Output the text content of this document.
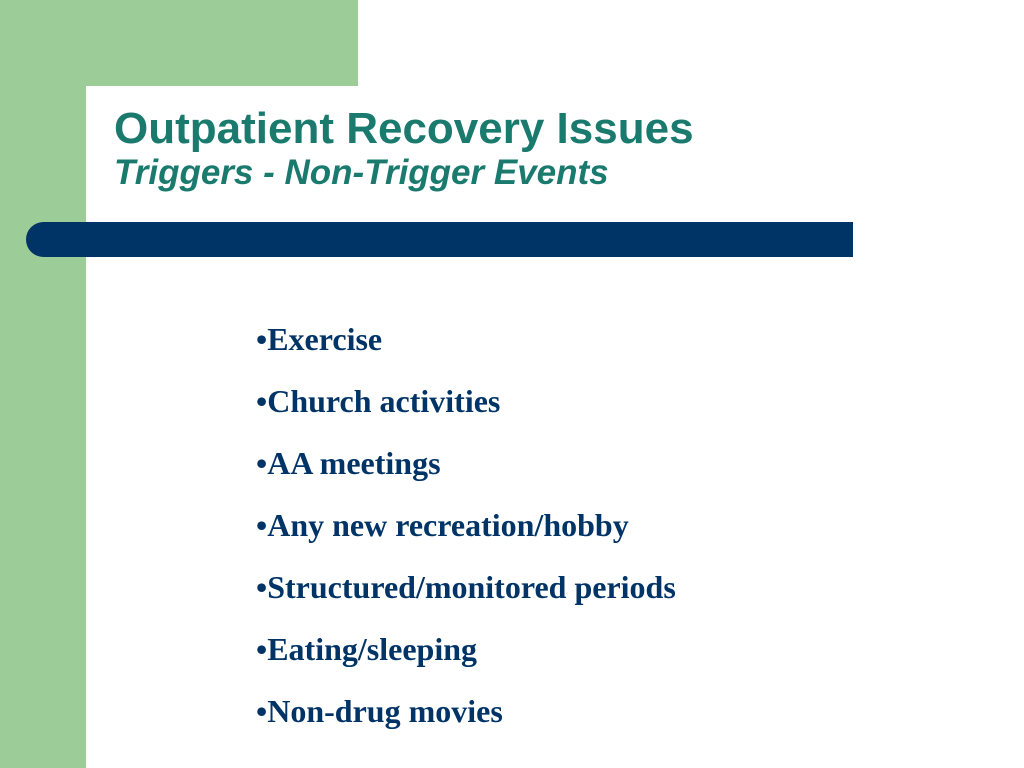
Outpatient Recovery Issues
Triggers - Non-Trigger Events
•Exercise
•Church activities
•AA meetings
•Any new recreation/hobby
•Structured/monitored periods
•Eating/sleeping
•Non-drug movies
